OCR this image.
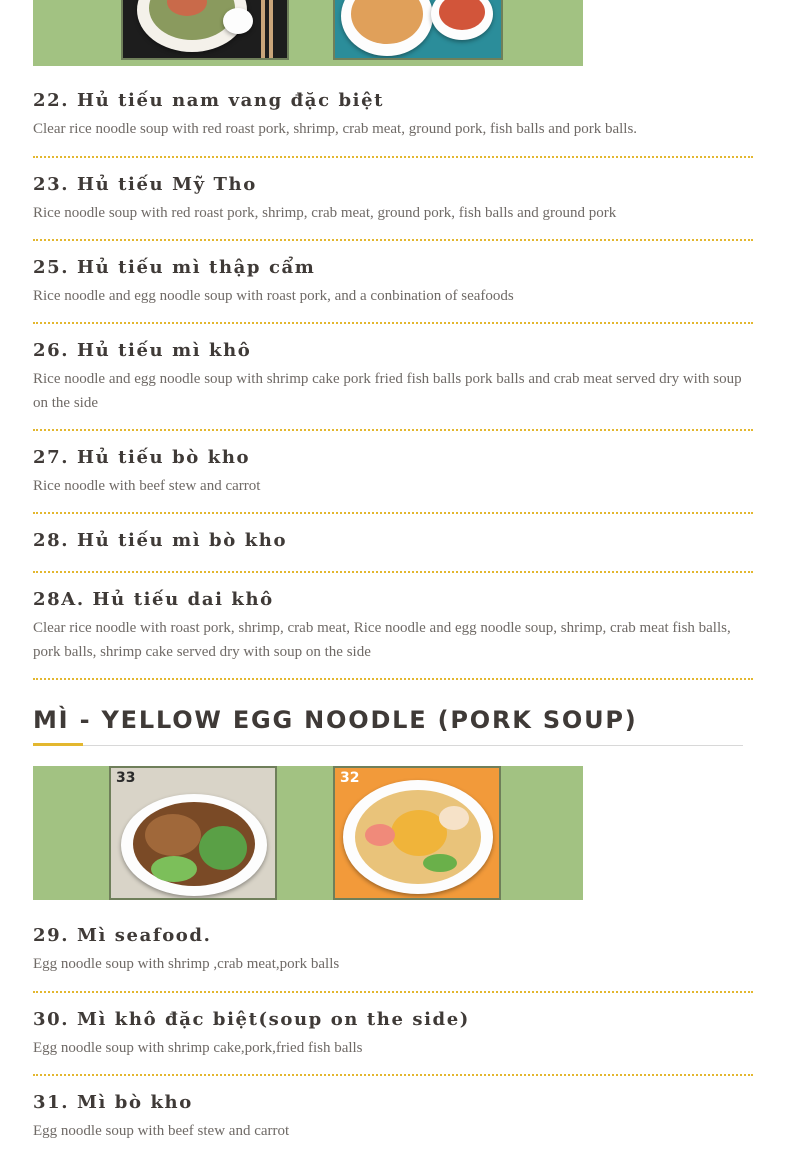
22. Hủ tiếu nam vang đặc biệt
Clear rice noodle soup with red roast pork, shrimp, crab meat, ground pork, fish balls and pork balls.
23. Hủ tiếu Mỹ Tho
Rice noodle soup with red roast pork, shrimp, crab meat, ground pork, fish balls and ground pork
25. Hủ tiếu mì thập cẩm
Rice noodle and egg noodle soup with roast pork, and a conbination of seafoods
26. Hủ tiếu mì khô
Rice noodle and egg noodle soup with shrimp cake pork fried fish balls pork balls and crab meat served dry with soup on the side
27. Hủ tiếu bò kho
Rice noodle with beef stew and carrot
28. Hủ tiếu mì bò kho
28A. Hủ tiếu dai khô
Clear rice noodle with roast pork, shrimp, crab meat, Rice noodle and egg noodle soup, shrimp, crab meat fish balls, pork balls, shrimp cake served dry with soup on the side
MÌ - YELLOW EGG NOODLE (PORK SOUP)
33	32
29. Mì seafood.
Egg noodle soup with shrimp ,crab meat,pork balls
30. Mì khô đặc biệt(soup on the side)
Egg noodle soup with shrimp cake,pork,fried fish balls
31. Mì bò kho
Egg noodle soup with beef stew and carrot
